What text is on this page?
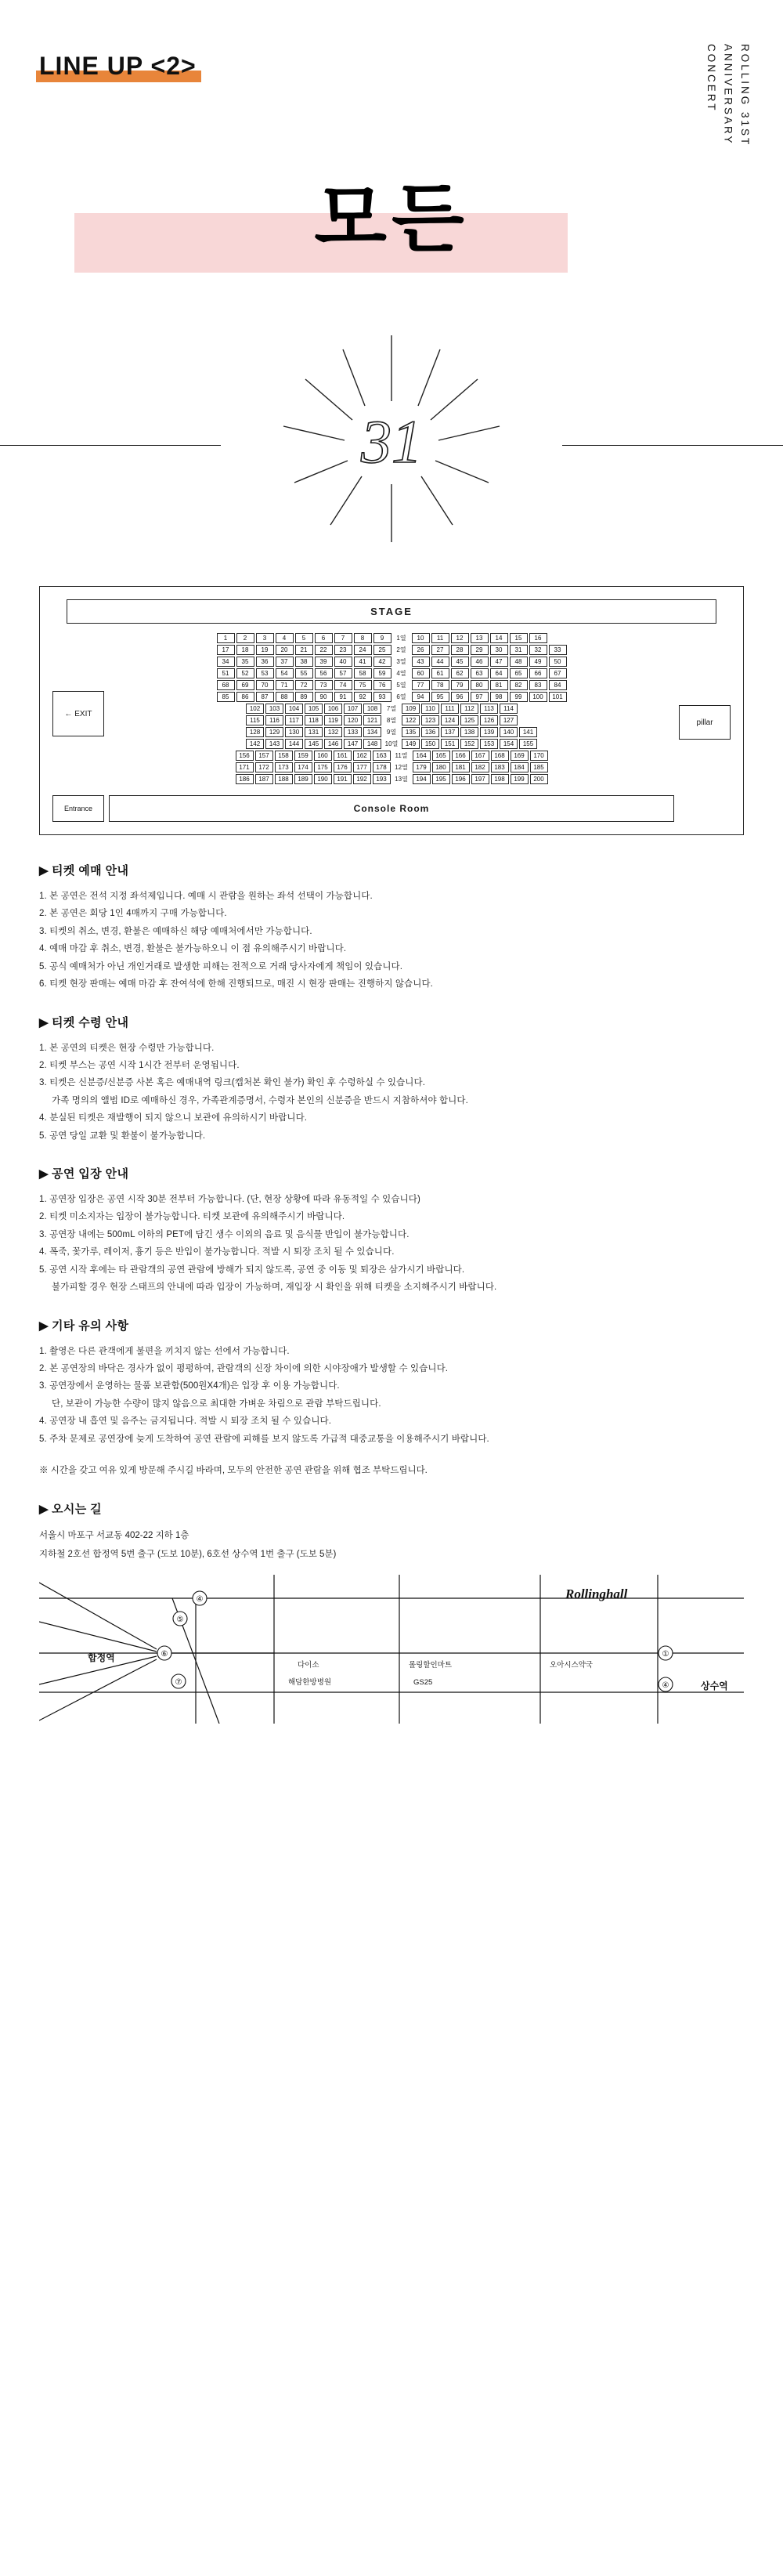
LINE UP <2>	ROLLING 31ST
ANNIVERSARY CONCERT
모든
31
STAGE
← EXIT
1	2	3	4	5	6	7	8	9	1열	10	11	12	13	14	15	16
17	18	19	20	21	22	23	24	25	2열	26	27	28	29	30	31	32	33
34	35	36	37	38	39	40	41	42	3열	43	44	45	46	47	48	49	50
51	52	53	54	55	56	57	58	59	4열	60	61	62	63	64	65	66	67
68	69	70	71	72	73	74	75	76	5열	77	78	79	80	81	82	83	84
85	86	87	88	89	90	91	92	93	6열	94	95	96	97	98	99	100	101
102	103	104	105	106	107	108	7열	109	110	111	112	113	114
115	116	117	118	119	120	121	8열	122	123	124	125	126	127
128	129	130	131	132	133	134	9열	135	136	137	138	139	140	141
142	143	144	145	146	147	148	10열	149	150	151	152	153	154	155
156	157	158	159	160	161	162	163	11열	164	165	166	167	168	169	170
171	172	173	174	175	176	177	178	12열	179	180	181	182	183	184	185
186	187	188	189	190	191	192	193	13열	194	195	196	197	198	199	200
pillar
Entrance	Console Room
▶ 티켓 예매 안내
1. 본 공연은 전석 지정 좌석제입니다. 예매 시 관람을 원하는 좌석 선택이 가능합니다.
2. 본 공연은 회당 1인 4매까지 구매 가능합니다.
3. 티켓의 취소, 변경, 환불은 예매하신 해당 예매처에서만 가능합니다.
4. 예매 마감 후 취소, 변경, 환불은 불가능하오니 이 점 유의해주시기 바랍니다.
5. 공식 예매처가 아닌 개인거래로 발생한 피해는 전적으로 거래 당사자에게 책임이 있습니다.
6. 티켓 현장 판매는 예매 마감 후 잔여석에 한해 진행되므로, 매진 시 현장 판매는 진행하지 않습니다.
▶ 티켓 수령 안내
1. 본 공연의 티켓은 현장 수령만 가능합니다.
2. 티켓 부스는 공연 시작 1시간 전부터 운영됩니다.
3. 티켓은 신분증/신분증 사본 혹은 예매내역 링크(캡처본 확인 불가) 확인 후 수령하실 수 있습니다.
가족 명의의 앨범 ID로 예매하신 경우, 가족관계증명서, 수령자 본인의 신분증을 반드시 지참하셔야 합니다.
4. 분실된 티켓은 재발행이 되지 않으니 보관에 유의하시기 바랍니다.
5. 공연 당일 교환 및 환불이 불가능합니다.
▶ 공연 입장 안내
1. 공연장 입장은 공연 시작 30분 전부터 가능합니다. (단, 현장 상황에 따라 유동적일 수 있습니다)
2. 티켓 미소지자는 입장이 불가능합니다. 티켓 보관에 유의해주시기 바랍니다.
3. 공연장 내에는 500mL 이하의 PET에 담긴 생수 이외의 음료 및 음식물 반입이 불가능합니다.
4. 폭죽, 꽃가루, 레이저, 흉기 등은 반입이 불가능합니다. 적발 시 퇴장 조치 될 수 있습니다.
5. 공연 시작 후에는 타 관람객의 공연 관람에 방해가 되지 않도록, 공연 중 이동 및 퇴장은 삼가시기 바랍니다.
불가피할 경우 현장 스태프의 안내에 따라 입장이 가능하며, 재입장 시 확인을 위해 티켓을 소지해주시기 바랍니다.
▶ 기타 유의 사항
1. 촬영은 다른 관객에게 불편을 끼치지 않는 선에서 가능합니다.
2. 본 공연장의 바닥은 경사가 없이 평평하여, 관람객의 신장 차이에 의한 시야장애가 발생할 수 있습니다.
3. 공연장에서 운영하는 물품 보관함(500원X4개)은 입장 후 이용 가능합니다.
단, 보관이 가능한 수량이 많지 않음으로 최대한 가벼운 차림으로 관람 부탁드립니다.
4. 공연장 내 흡연 및 음주는 금지됩니다. 적발 시 퇴장 조치 될 수 있습니다.
5. 주차 문제로 공연장에 늦게 도착하여 공연 관람에 피해를 보지 않도록 가급적 대중교통을 이용해주시기 바랍니다.
※ 시간을 갖고 여유 있게 방문해 주시길 바라며, 모두의 안전한 공연 관람을 위해 협조 부탁드립니다.
▶ 오시는 길
서울시 마포구 서교동 402-22 지하 1층
지하철 2호선 합정역 5번 출구 (도보 10분), 6호선 상수역 1번 출구 (도보 5분)
④
⑤
⑥
⑦
①
④
합정역
상수역
Rollinghall
다이소
해담한방병원
롤링할인마트
GS25
오아시스약국
